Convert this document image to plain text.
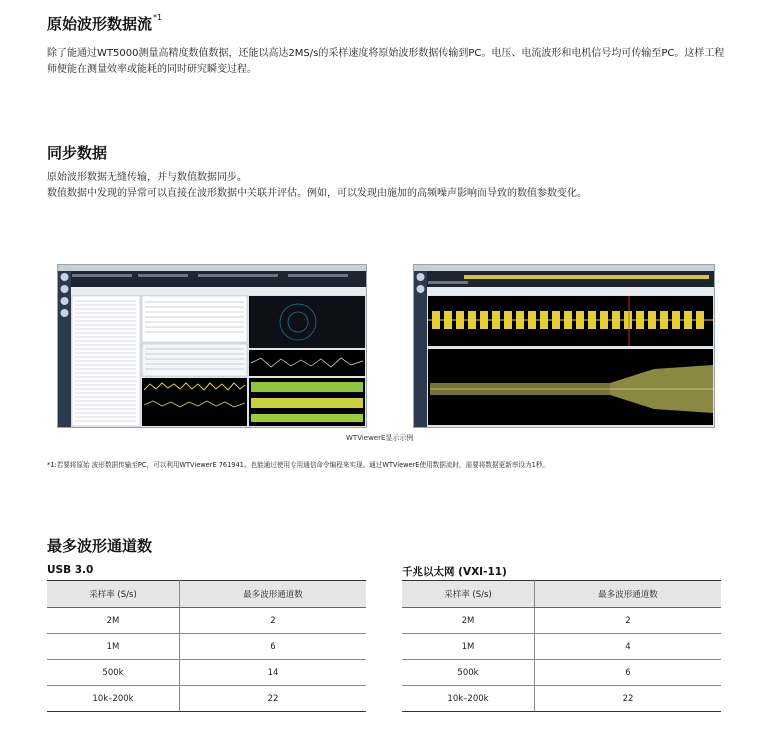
原始波形数据流$^{*1}$
除了能通过WT5000测量高精度数值数据，还能以高达2MS/s的采样速度将原始波形数据传输到PC。电压、电流波形和电机信号均可传输至PC。这样工程师便能在测量效率或能耗的同时研究瞬变过程。
同步数据
原始波形数据无缝传输，并与数值数据同步。
数值数据中发现的异常可以直接在波形数据中关联并评估。例如，可以发现由施加的高频噪声影响而导致的数值参数变化。
WTViewerE显示示例
*1:若要将原始 波形数据传输至PC，可以利用WTViewerE 761941。也能通过使用专用通信命令编程来实现。通过WTViewerE使用数据流时，需要将数据更新率设为1秒。
最多波形通道数
USB 3.0
采样率 (S/s)	最多波形通道数
2M	2
1M	6
500k	14
10k–200k	22
千兆以太网 (VXI-11)
采样率 (S/s)	最多波形通道数
2M	2
1M	4
500k	6
10k–200k	22
